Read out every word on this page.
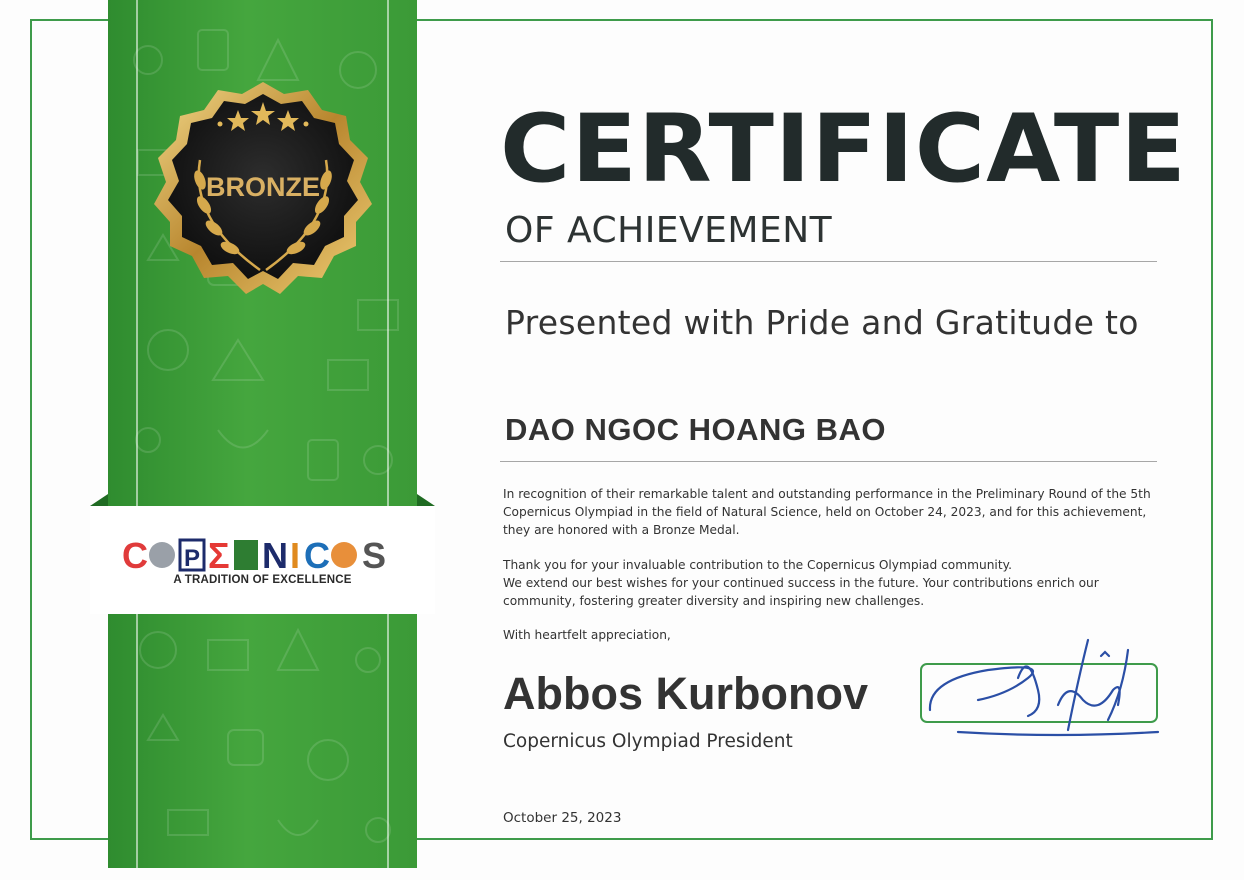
BRONZE
C P Σ N I C S
A TRADITION OF EXCELLENCE
CERTIFICATE
OF ACHIEVEMENT
Presented with Pride and Gratitude to
DAO NGOC HOANG BAO
In recognition of their remarkable talent and outstanding performance in the Preliminary Round of the 5th Copernicus Olympiad in the field of Natural Science, held on October 24, 2023, and for this achievement, they are honored with a Bronze Medal.
Thank you for your invaluable contribution to the Copernicus Olympiad community.
We extend our best wishes for your continued success in the future. Your contributions enrich our community, fostering greater diversity and inspiring new challenges.
With heartfelt appreciation,
Abbos Kurbonov
Copernicus Olympiad President
October 25, 2023
